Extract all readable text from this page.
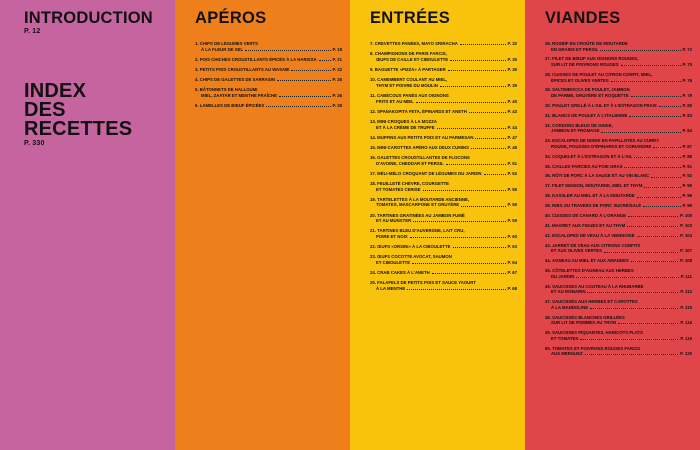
INTRODUCTION
P. 12
INDEX
DES RECETTES
P. 330
APÉROS
1. CHIPS DE LÉGUMES VERTS
À LA FLEUR DE SEL	P. 18
2. POIS CHICHES CROUSTILLANTS ÉPICÉS À LA HARISSA	P. 21
3. PETITS POIS CROUSTILLANTS AU WASABI	P. 22
4. CHIPS DE GALETTES DE SARRASIN	P. 25
5. BÂTONNETS DE HALLOUMI
MIEL, ZAATAR ET MENTHE FRAÎCHE	P. 26
6. LAMELLES DE BŒUF ÉPICÉES	P. 29
ENTRÉES
7. CREVETTES PANÉES, MAYO SRIRACHA	P. 32
8. CHAMPIGNONS DE PARIS FARCIS,
ŒUFS DE CAILLE ET CIBOULETTE	P. 35
9. BAGUETTE «PIZZA» À PARTAGER	P. 36
10. CAMEMBERT COULANT AU MIEL,
THYM ET POIVRE DU MOULIN	P. 39
11. CABÉCOUS PANÉS AUX OIGNONS
FRITS ET AU MIEL	P. 40
12. SPANAKOPITA FETA, ÉPINARDS ET ANETH	P. 43
13. MINI-CROQUES À LA MOZZA
ET À LA CRÈME DE TRUFFE	P. 44
14. MUFFINS AUX PETITS POIS ET AU PARMESAN	P. 47
15. MINI-CAROTTES APÉRO AUX DEUX CUMINS	P. 48
16. GALETTES CROUSTILLANTES DE FLOCONS
D'AVOINE, CHEDDAR ET PERSIL	P. 51
17. MÉLI-MÉLO CROQUANT DE LÉGUMES DU JARDIN	P. 52
18. FEUILLETÉ CHÈVRE, COURGETTE
ET TOMATES CERISE	P. 55
19. TARTELETTES À LA MOUTARDE ANCIENNE,
TOMATES, MASCARPONE ET GRUYÈRE	P. 56
20. TARTINES GRATINÉES AU JAMBON FUMÉ
ET AU MUNSTER	P. 59
21. TARTINES BLEU D'AUVERGNE, LAIT CRU,
POIRE ET NOIX	P. 60
22. ŒUFS «ORSINI» À LA CIBOULETTE	P. 63
23. ŒUFS COCOTTE AVOCAT, SAUMON
ET CIBOULETTE	P. 64
24. CRAB CAKES À L'ANETH	P. 67
25. FALAFELS DE PETITS POIS ET SAUCE YAOURT
À LA MENTHE	P. 68
VIANDES
26. ROSBIF EN CROÛTE DE MOUTARDE
EN GRAINS ET PERSIL	P. 72
27. FILET DE BŒUF AUX OIGNONS ROUGES,
SUR LIT DE POIVRONS ROUGES	P. 75
28. CUISSES DE POULET AU CITRON CONFIT, MIEL,
ÉPICES ET OLIVES VERTES	P. 76
29. SALTIMBOCCA DE POULET, JAMBON
DE PARME, GRUYÈRE ET ROQUETTE	P. 79
30. POULET GRILLÉ À L'AIL ET À L'ESTRAGON FRAIS	P. 80
31. BLANCS DE POULET À L'ITALIENNE	P. 83
32. CORDONS BLEUS DE DINDE,
JAMBON ET FROMAGE	P. 84
33. ESCALOPES DE DINDE EN PAPILLOTES AU CURRY
ROUGE, POUSSES D'ÉPINARDS ET CORIANDRE	P. 87
34. COQUELET À L'ESTRAGON ET À L'AIL	P. 88
35. CAILLES FARCIES AU FOIE GRAS	P. 91
36. RÔTI DE PORC À LA SAUGE ET AU VIN BLANC	P. 92
37. FILET MIGNON, MOUTARDE, MIEL ET THYM	P. 95
38. KASSLER AU MIEL ET À LA MOUTARDE	P. 96
39. RIBS OU TRAVERS DE PORC SUCRÉ/SALÉ	P. 99
40. CUISSES DE CANARD À L'ORANGE	P. 100
41. MAGRET AUX FIGUES ET AU THYM	P. 103
42. ESCALOPES DE VEAU À LA VIENNOISE	P. 104
43. JARRET DE VEAU AUX CITRONS CONFITS
ET AUX OLIVES VERTES	P. 107
44. AGNEAU AU MIEL ET AUX AMANDES	P. 108
45. CÔTELETTES D'AGNEAU AUX HERBES
DU JARDIN	P. 111
46. SAUCISSES AU COUTEAU À LA RHUBARBE
ET AU ROMARIN	P. 112
47. SAUCISSES AUX HERBES ET CAROTTES
À LA MANDOLINE	P. 115
48. SAUCISSES BLANCHES GRILLÉES
SUR LIT DE POMMES AU THYM	P. 116
49. SAUCISSES PIQUANTES, HARICOTS PLATS
ET TOMATES	P. 119
50. TOMATES ET POIVRONS ROUGES FARCIS
AUX MERGUEZ	P. 120
